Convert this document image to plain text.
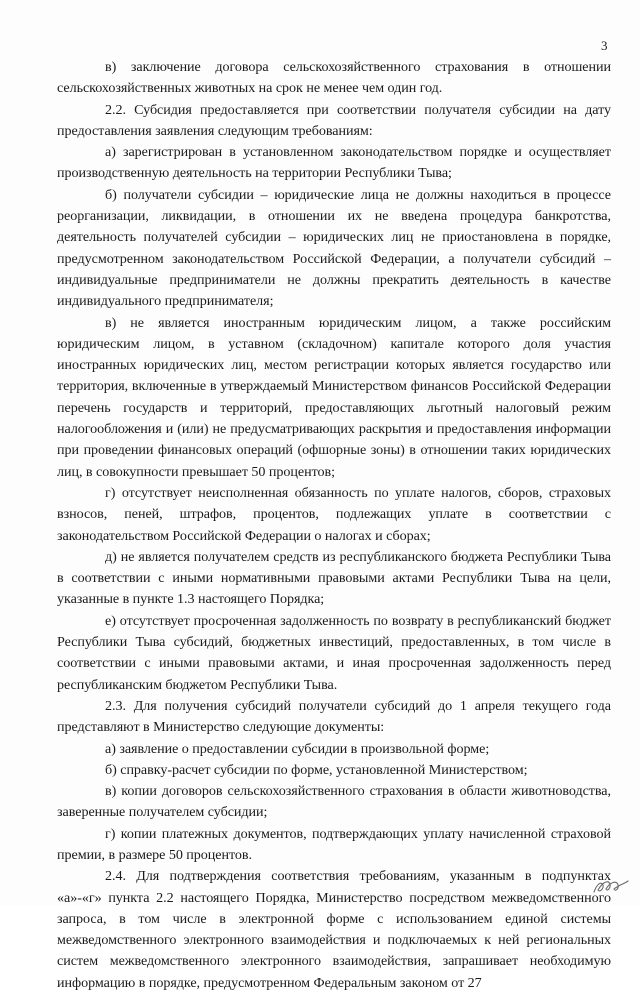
3

в) заключение договора сельскохозяйственного страхования в отношении сельскохозяйственных животных на срок не менее чем один год.

2.2. Субсидия предоставляется при соответствии получателя субсидии на дату предоставления заявления следующим требованиям:

а) зарегистрирован в установленном законодательством порядке и осуществляет производственную деятельность на территории Республики Тыва;

б) получатели субсидии – юридические лица не должны находиться в процессе реорганизации, ликвидации, в отношении их не введена процедура банкротства, деятельность получателей субсидии – юридических лиц не приостановлена в порядке, предусмотренном законодательством Российской Федерации, а получатели субсидий – индивидуальные предприниматели не должны прекратить деятельность в качестве индивидуального предпринимателя;

в) не является иностранным юридическим лицом, а также российским юридическим лицом, в уставном (складочном) капитале которого доля участия иностранных юридических лиц, местом регистрации которых является государство или территория, включенные в утверждаемый Министерством финансов Российской Федерации перечень государств и территорий, предоставляющих льготный налоговый режим налогообложения и (или) не предусматривающих раскрытия и предоставления информации при проведении финансовых операций (офшорные зоны) в отношении таких юридических лиц, в совокупности превышает 50 процентов;

г) отсутствует неисполненная обязанность по уплате налогов, сборов, страховых взносов, пеней, штрафов, процентов, подлежащих уплате в соответствии с законодательством Российской Федерации о налогах и сборах;

д) не является получателем средств из республиканского бюджета Республики Тыва в соответствии с иными нормативными правовыми актами Республики Тыва на цели, указанные в пункте 1.3 настоящего Порядка;

е) отсутствует просроченная задолженность по возврату в республиканский бюджет Республики Тыва субсидий, бюджетных инвестиций, предоставленных, в том числе в соответствии с иными правовыми актами, и иная просроченная задолженность перед республиканским бюджетом Республики Тыва.

2.3. Для получения субсидий получатели субсидий до 1 апреля текущего года представляют в Министерство следующие документы:

а) заявление о предоставлении субсидии в произвольной форме;

б) справку-расчет субсидии по форме, установленной Министерством;

в) копии договоров сельскохозяйственного страхования в области животноводства, заверенные получателем субсидии;

г) копии платежных документов, подтверждающих уплату начисленной страховой премии, в размере 50 процентов.

2.4. Для подтверждения соответствия требованиям, указанным в подпунктах «а»-«г» пункта 2.2 настоящего Порядка, Министерство посредством межведомственного запроса, в том числе в электронной форме с использованием единой системы межведомственного электронного взаимодействия и подключаемых к ней региональных систем межведомственного электронного взаимодействия, запрашивает необходимую информацию в порядке, предусмотренном Федеральным законом от 27
